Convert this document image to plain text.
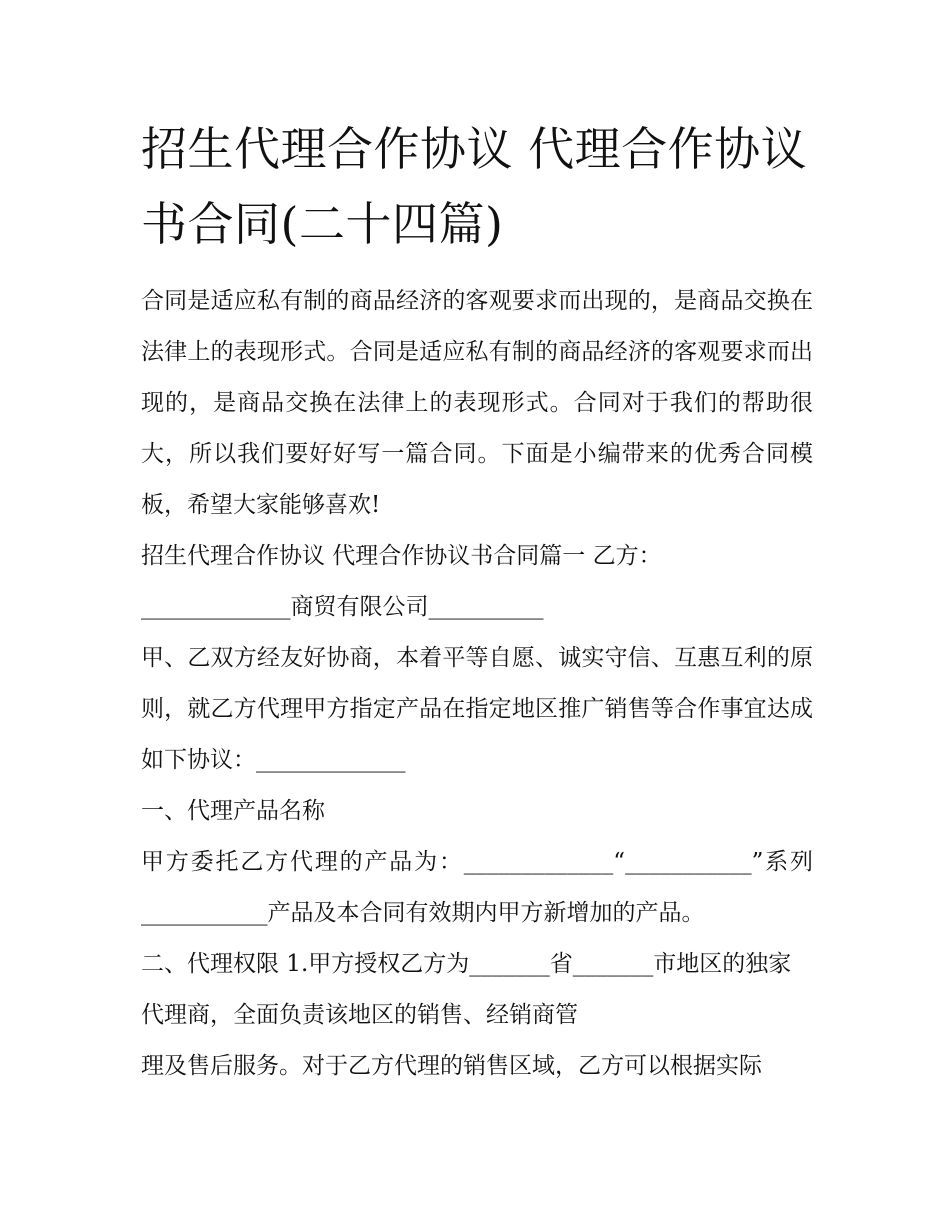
招生代理合作协议 代理合作协议书合同(二十四篇)

合同是适应私有制的商品经济的客观要求而出现的，是商品交换在法律上的表现形式。合同是适应私有制的商品经济的客观要求而出现的，是商品交换在法律上的表现形式。合同对于我们的帮助很大，所以我们要好好写一篇合同。下面是小编带来的优秀合同模板，希望大家能够喜欢!

招生代理合作协议 代理合作协议书合同篇一 乙方：

_____________商贸有限公司__________

甲、乙双方经友好协商，本着平等自愿、诚实守信、互惠互利的原则，就乙方代理甲方指定产品在指定地区推广销售等合作事宜达成如下协议：_____________

一、代理产品名称

甲方委托乙方代理的产品为：_____________“___________”系列___________产品及本合同有效期内甲方新增加的产品。

二、代理权限 1.甲方授权乙方为_______省_______市地区的独家代理商，全面负责该地区的销售、经销商管

理及售后服务。对于乙方代理的销售区域，乙方可以根据实际
